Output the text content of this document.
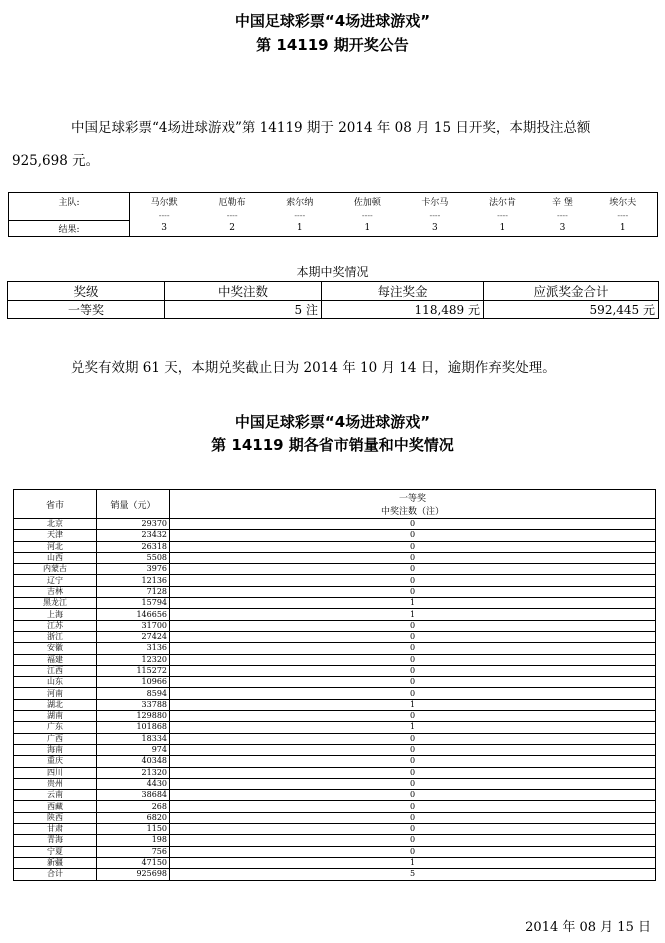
中国足球彩票“4场进球游戏”
第 14119 期开奖公告
中国足球彩票“4场进球游戏”第 14119 期于 2014 年 08 月 15 日开奖，本期投注总额
925,698 元。
主队:	马尔默	厄勒布	索尔纳	佐加顿	卡尔马	法尔肯	辛 堡	埃尔夫
	----	----	----	----	----	----	----	----
结果:	3	2	1	1	3	1	3	1
本期中奖情况
奖级	中奖注数	每注奖金	应派奖金合计
一等奖	5 注	118,489 元	592,445 元
兑奖有效期 61 天，本期兑奖截止日为 2014 年 10 月 14 日，逾期作弃奖处理。
中国足球彩票“4场进球游戏”
第 14119 期各省市销量和中奖情况
省市	销量（元）	一等奖
中奖注数（注）

北京	29370	0
天津	23432	0
河北	26318	0
山西	5508	0
内蒙古	3976	0
辽宁	12136	0
吉林	7128	0
黑龙江	15794	1
上海	146656	1
江苏	31700	0
浙江	27424	0
安徽	3136	0
福建	12320	0
江西	115272	0
山东	10966	0
河南	8594	0
湖北	33788	1
湖南	129880	0
广东	101868	1
广西	18334	0
海南	974	0
重庆	40348	0
四川	21320	0
贵州	4430	0
云南	38684	0
西藏	268	0
陕西	6820	0
甘肃	1150	0
青海	198	0
宁夏	756	0
新疆	47150	1
合计	925698	5
2014 年 08 月 15 日
